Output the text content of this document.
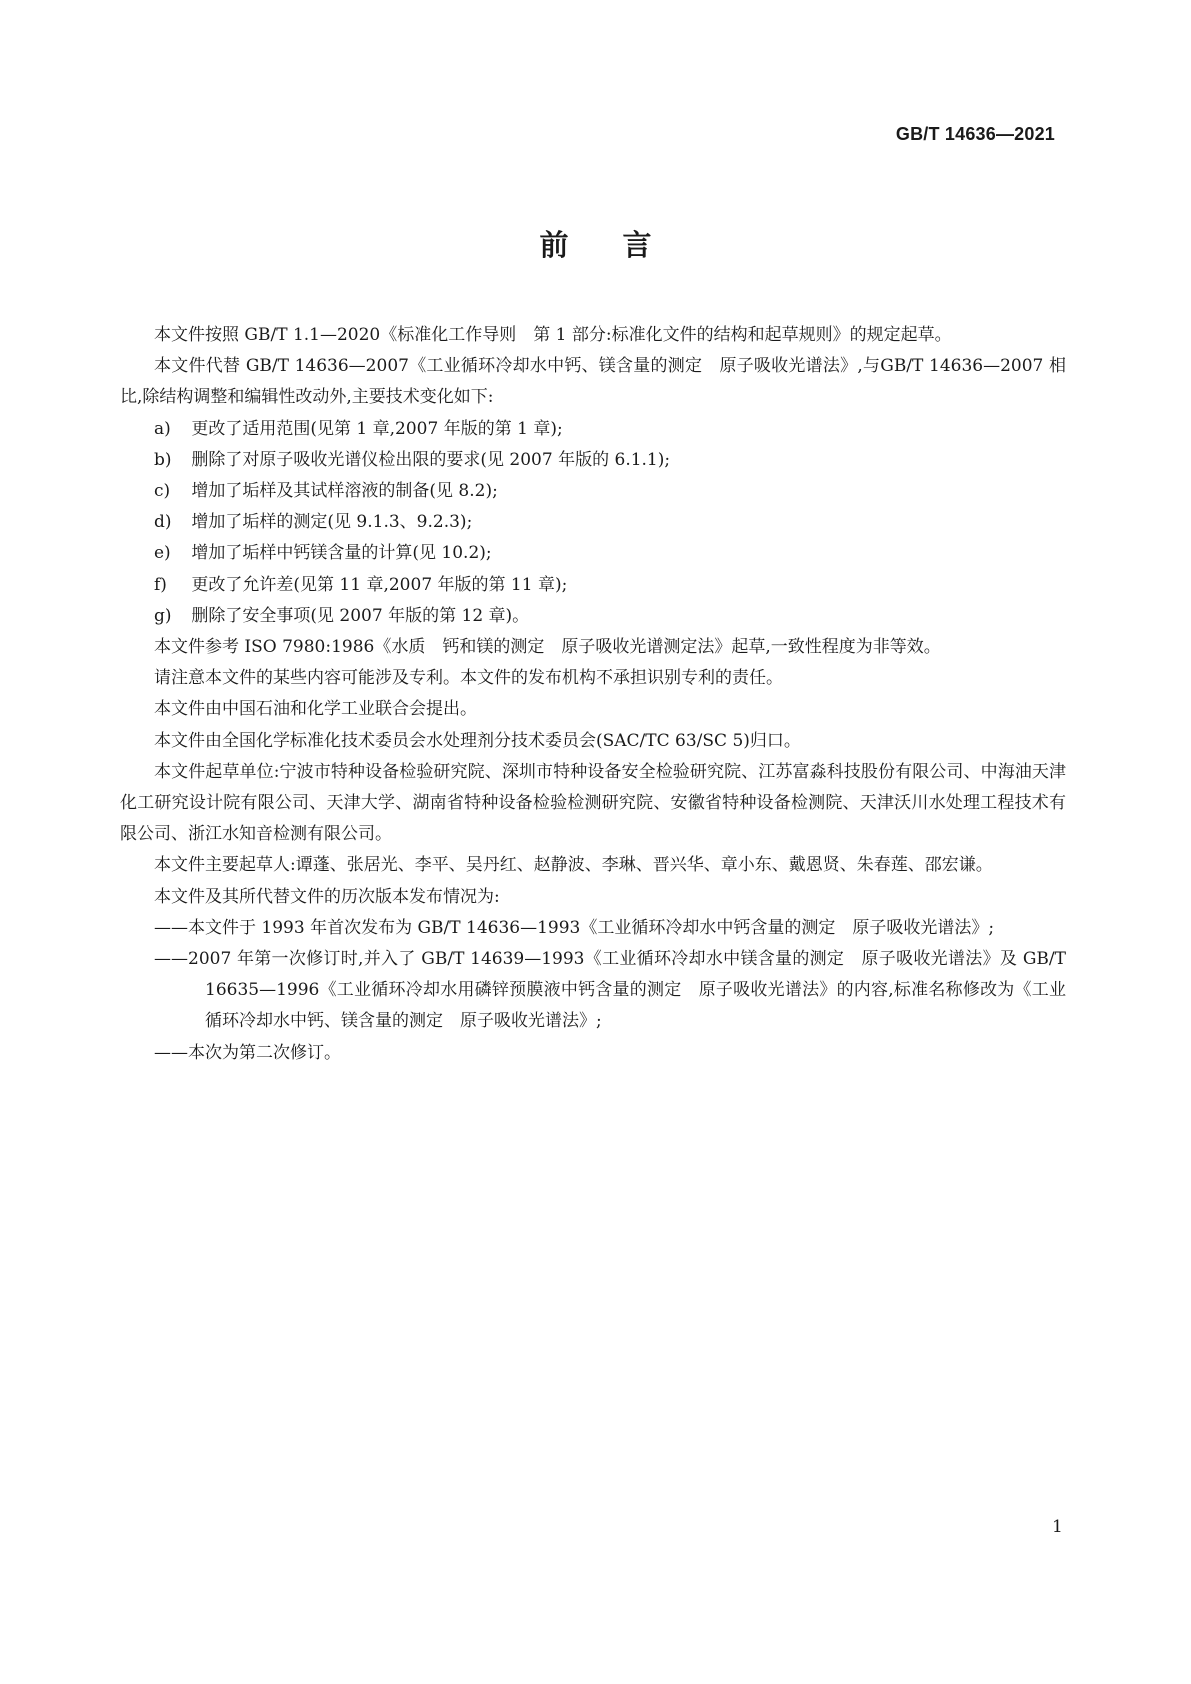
GB/T 14636—2021
前言

本文件按照 GB/T 1.1—2020《标准化工作导则　第 1 部分:标准化文件的结构和起草规则》的规定起草。

本文件代替 GB/T 14636—2007《工业循环冷却水中钙、镁含量的测定　原子吸收光谱法》,与GB/T 14636—2007 相比,除结构调整和编辑性改动外,主要技术变化如下:

a) 更改了适用范围(见第 1 章,2007 年版的第 1 章);

b) 删除了对原子吸收光谱仪检出限的要求(见 2007 年版的 6.1.1);

c) 增加了垢样及其试样溶液的制备(见 8.2);

d) 增加了垢样的测定(见 9.1.3、9.2.3);

e) 增加了垢样中钙镁含量的计算(见 10.2);

f) 更改了允许差(见第 11 章,2007 年版的第 11 章);

g) 删除了安全事项(见 2007 年版的第 12 章)。

本文件参考 ISO 7980:1986《水质　钙和镁的测定　原子吸收光谱测定法》起草,一致性程度为非等效。

请注意本文件的某些内容可能涉及专利。本文件的发布机构不承担识别专利的责任。

本文件由中国石油和化学工业联合会提出。

本文件由全国化学标准化技术委员会水处理剂分技术委员会(SAC/TC 63/SC 5)归口。

本文件起草单位:宁波市特种设备检验研究院、深圳市特种设备安全检验研究院、江苏富淼科技股份有限公司、中海油天津化工研究设计院有限公司、天津大学、湖南省特种设备检验检测研究院、安徽省特种设备检测院、天津沃川水处理工程技术有限公司、浙江水知音检测有限公司。

本文件主要起草人:谭蓬、张居光、李平、吴丹红、赵静波、李琳、晋兴华、章小东、戴恩贤、朱春莲、邵宏谦。

本文件及其所代替文件的历次版本发布情况为:

——本文件于 1993 年首次发布为 GB/T 14636—1993《工业循环冷却水中钙含量的测定　原子吸收光谱法》;

——2007 年第一次修订时,并入了 GB/T 14639—1993《工业循环冷却水中镁含量的测定　原子吸收光谱法》及 GB/T 16635—1996《工业循环冷却水用磷锌预膜液中钙含量的测定　原子吸收光谱法》的内容,标准名称修改为《工业循环冷却水中钙、镁含量的测定　原子吸收光谱法》;

——本次为第二次修订。

1
